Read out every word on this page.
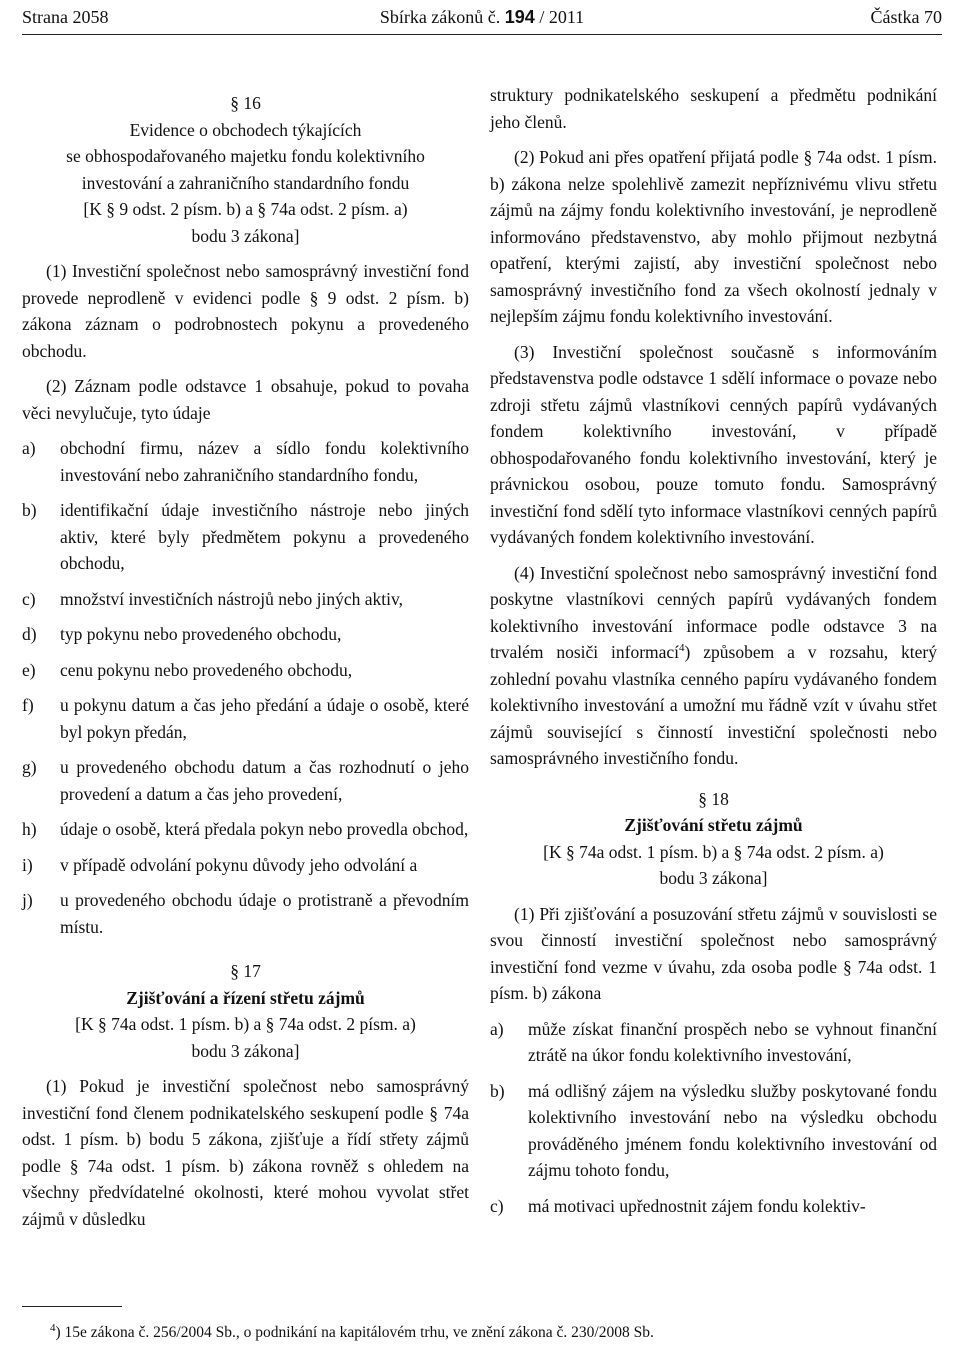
Strana 2058	Sbírka zákonů č. 194 / 2011	Částka 70

§ 16

Evidence o obchodech týkajících

se obhospodařovaného majetku fondu kolektivního

investování a zahraničního standardního fondu

[K § 9 odst. 2 písm. b) a § 74a odst. 2 písm. a)

bodu 3 zákona]

(1) Investiční společnost nebo samosprávný investiční fond provede neprodleně v evidenci podle § 9 odst. 2 písm. b) zákona záznam o podrobnostech pokynu a provedeného obchodu.

(2) Záznam podle odstavce 1 obsahuje, pokud to povaha věci nevylučuje, tyto údaje

a)	obchodní firmu, název a sídlo fondu kolektivního investování nebo zahraničního standardního fondu,
b)	identifikační údaje investičního nástroje nebo jiných aktiv, které byly předmětem pokynu a provedeného obchodu,
c)	množství investičních nástrojů nebo jiných aktiv,
d)	typ pokynu nebo provedeného obchodu,
e)	cenu pokynu nebo provedeného obchodu,
f)	u pokynu datum a čas jeho předání a údaje o osobě, které byl pokyn předán,
g)	u provedeného obchodu datum a čas rozhodnutí o jeho provedení a datum a čas jeho provedení,
h)	údaje o osobě, která předala pokyn nebo provedla obchod,
i)	v případě odvolání pokynu důvody jeho odvolání a
j)	u provedeného obchodu údaje o protistraně a převodním místu.

§ 17

Zjišťování a řízení střetu zájmů

[K § 74a odst. 1 písm. b) a § 74a odst. 2 písm. a)

bodu 3 zákona]

(1) Pokud je investiční společnost nebo samosprávný investiční fond členem podnikatelského seskupení podle § 74a odst. 1 písm. b) bodu 5 zákona, zjišťuje a řídí střety zájmů podle § 74a odst. 1 písm. b) zákona rovněž s ohledem na všechny předvídatelné okolnosti, které mohou vyvolat střet zájmů v důsledku

struktury podnikatelského seskupení a předmětu podnikání jeho členů.

(2) Pokud ani přes opatření přijatá podle § 74a odst. 1 písm. b) zákona nelze spolehlivě zamezit nepříznivému vlivu střetu zájmů na zájmy fondu kolektivního investování, je neprodleně informováno představenstvo, aby mohlo přijmout nezbytná opatření, kterými zajistí, aby investiční společnost nebo samosprávný investičního fond za všech okolností jednaly v nejlepším zájmu fondu kolektivního investování.

(3) Investiční společnost současně s informováním představenstva podle odstavce 1 sdělí informace o povaze nebo zdroji střetu zájmů vlastníkovi cenných papírů vydávaných fondem kolektivního investování, v případě obhospodařovaného fondu kolektivního investování, který je právnickou osobou, pouze tomuto fondu. Samosprávný investiční fond sdělí tyto informace vlastníkovi cenných papírů vydávaných fondem kolektivního investování.

(4) Investiční společnost nebo samosprávný investiční fond poskytne vlastníkovi cenných papírů vydávaných fondem kolektivního investování informace podle odstavce 3 na trvalém nosiči informací$^4$) způsobem a v rozsahu, který zohlední povahu vlastníka cenného papíru vydávaného fondem kolektivního investování a umožní mu řádně vzít v úvahu střet zájmů související s činností investiční společnosti nebo samosprávného investičního fondu.

§ 18

Zjišťování střetu zájmů

[K § 74a odst. 1 písm. b) a § 74a odst. 2 písm. a)

bodu 3 zákona]

(1) Při zjišťování a posuzování střetu zájmů v souvislosti se svou činností investiční společnost nebo samosprávný investiční fond vezme v úvahu, zda osoba podle § 74a odst. 1 písm. b) zákona

a)	může získat finanční prospěch nebo se vyhnout finanční ztrátě na úkor fondu kolektivního investování,
b)	má odlišný zájem na výsledku služby poskytované fondu kolektivního investování nebo na výsledku obchodu prováděného jménem fondu kolektivního investování od zájmu tohoto fondu,
c)	má motivaci upřednostnit zájem fondu kolektiv-
$^4$) 15e zákona č. 256/2004 Sb., o podnikání na kapitálovém trhu, ve znění zákona č. 230/2008 Sb.
